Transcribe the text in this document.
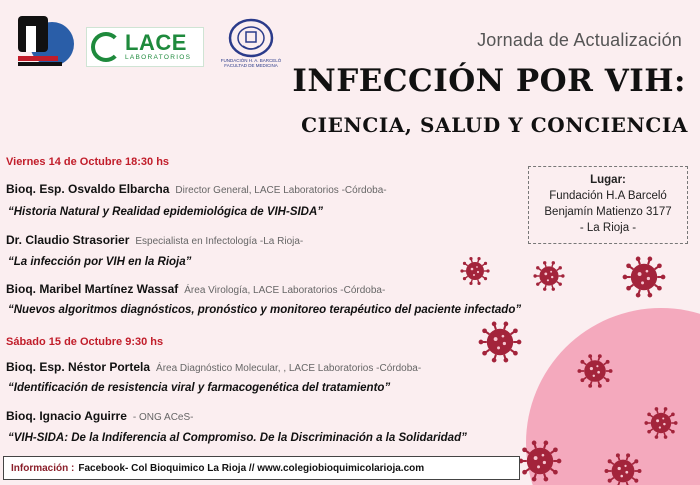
LACE
LABORATORIOS	FUNDACIÓN H. A. BARCELÓ
FACULTAD DE MEDICINA
Jornada de Actualización
INFECCIÓN POR VIH:
CIENCIA, SALUD Y CONCIENCIA
Viernes 14 de Octubre 18:30 hs
Bioq. Esp. Osvaldo Elbarcha Director General, LACE Laboratorios -Córdoba-
“Historia Natural y Realidad epidemiológica de VIH-SIDA”
Dr. Claudio Strasorier Especialista en Infectología -La Rioja-
“La infección por VIH en la Rioja”
Bioq. Maribel Martínez Wassaf Área Virología, LACE Laboratorios -Córdoba-
“Nuevos algoritmos diagnósticos, pronóstico y monitoreo terapéutico del paciente infectado”
Sábado 15 de Octubre 9:30 hs
Bioq. Esp. Néstor Portela Área Diagnóstico Molecular, , LACE Laboratorios -Córdoba-
“Identificación de resistencia viral y farmacogenética del tratamiento”
Bioq. Ignacio Aguirre - ONG ACeS-
“VIH-SIDA: De la Indiferencia al Compromiso. De la Discriminación a la Solidaridad”
Lugar:
Fundación H.A Barceló
Benjamín Matienzo 3177
- La Rioja -
Información : Facebook- Col Bioquimico La Rioja // www.colegiobioquimicolarioja.com
